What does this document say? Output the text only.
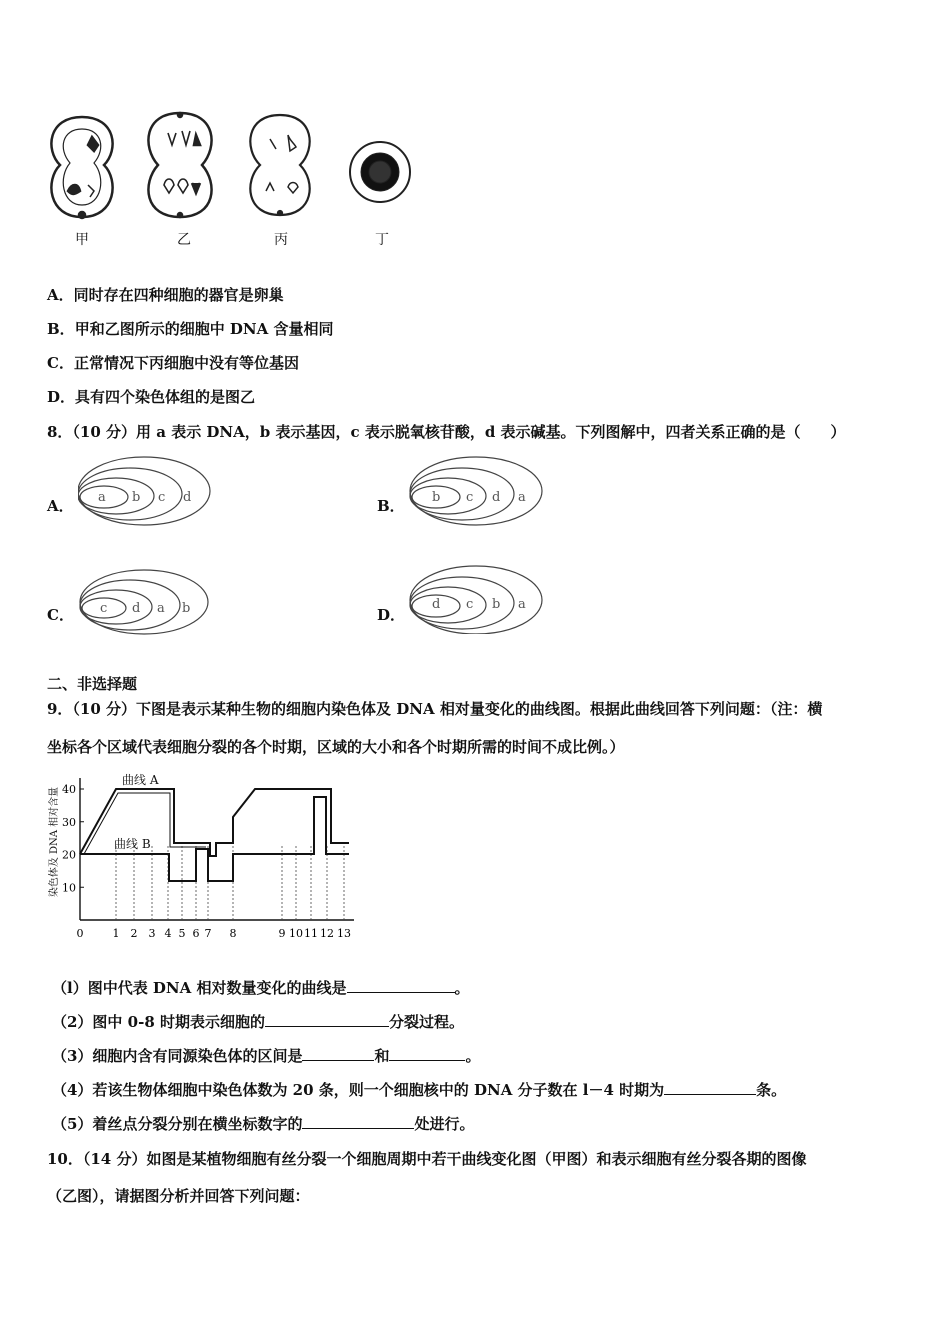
甲	乙	丙	丁
A．同时存在四种细胞的器官是卵巢
B．甲和乙图所示的细胞中 DNA 含量相同
C．正常情况下丙细胞中没有等位基因
D．具有四个染色体组的是图乙
8．（10 分）用 a 表示 DNA，b 表示基因，c 表示脱氧核苷酸，d 表示碱基。下列图解中，四者关系正确的是（　　）
A． a b c d	B． b c d a
C． c d a b	D．
d c b a
二、非选择题
9．（10 分）下图是表示某种生物的细胞内染色体及 DNA 相对量变化的曲线图。根据此曲线回答下列问题：（注：横
坐标各个区域代表细胞分裂的各个时期，区域的大小和各个时期所需的时间不成比例。）
染色体及 DNA 相对含量 10
20
30
40
0	1 2 3 4 5 6 7 8	9 10 11 12 13
曲线 A
曲线 B
（l）图中代表 DNA 相对数量变化的曲线是	。
（2）图中 0-8 时期表示细胞的	分裂过程。
（3）细胞内含有同源染色体的区间是	和	。
（4）若该生物体细胞中染色体数为 20 条，则一个细胞核中的 DNA 分子数在 l－4 时期为	条。
（5）着丝点分裂分别在横坐标数字的	处进行。
10．（14 分）如图是某植物细胞有丝分裂一个细胞周期中若干曲线变化图（甲图）和表示细胞有丝分裂各期的图像
（乙图），请据图分析并回答下列问题：
